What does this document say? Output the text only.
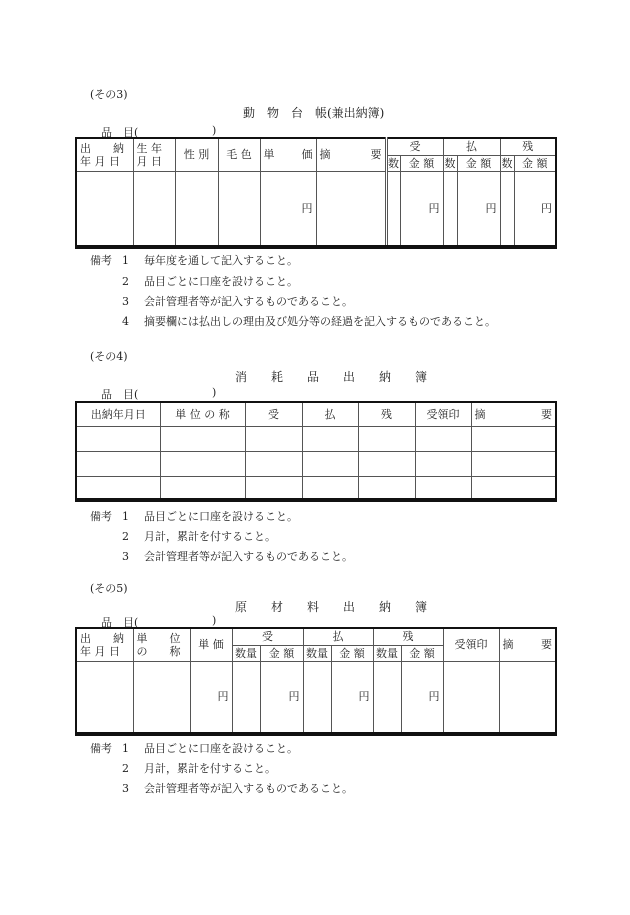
(その3)
動　物　台　帳(兼出納簿)
品　目(	)
出　　納
年 月 日	生 年
月 日	性 別	毛 色	単 価	摘 要	受		払		残	
						数	金 額	数	金 額	数	金 額
				円			円		円		円
備考 1 毎年度を通して記入すること。
2 品目ごとに口座を設けること。
3 会計管理者等が記入するものであること。
4 摘要欄には払出しの理由及び処分等の経過を記入するものであること。
(その4)
消　　耗　　品　　出　　納　　簿
品　目(	)
出納年月日	単 位 の 称	受	払	残	受領印	摘 要

備考 1 品目ごとに口座を設けること。
2 月計，累計を付すること。
3 会計管理者等が記入するものであること。
(その5)
原　　材　　料　　出　　納　　簿
品　目(	)
出　　納
年 月 日	単　　位
の　　称	単 価	受		払		残		受領印	摘 要

			数量	金 額	数量	金 額	数量	金 額		
		円		円		円		円		
備考 1 品目ごとに口座を設けること。
2 月計，累計を付すること。
3 会計管理者等が記入するものであること。
